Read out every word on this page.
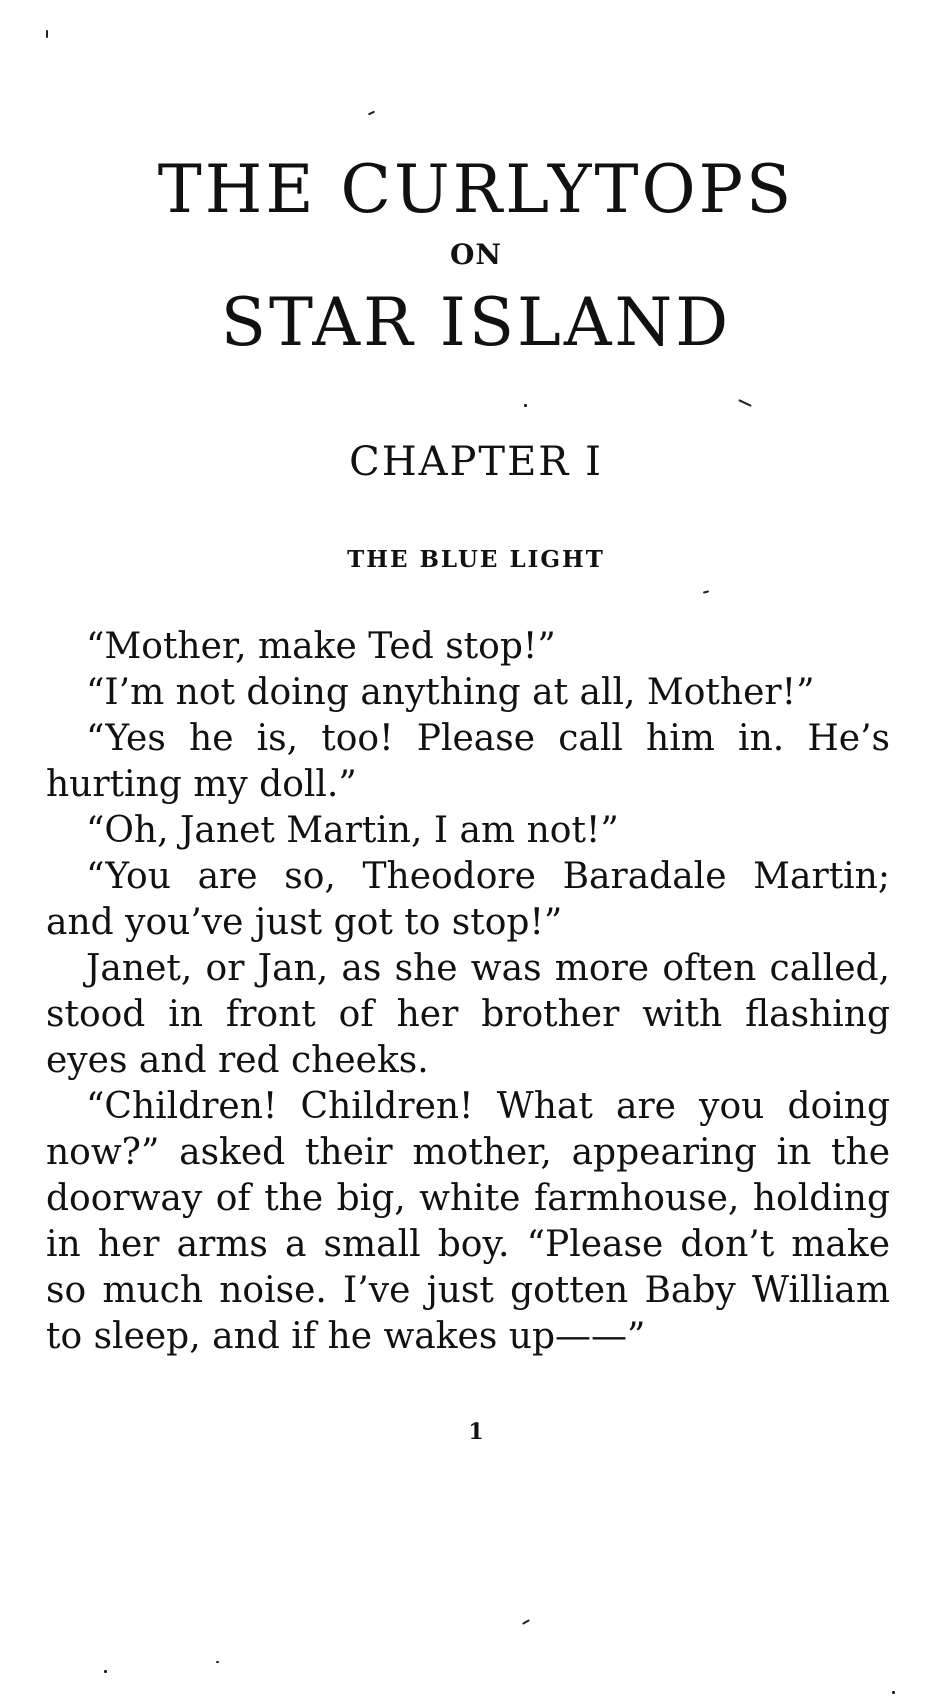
THE CURLYTOPS
ON
STAR ISLAND
CHAPTER I
THE BLUE LIGHT

“Mother, make Ted stop!”

“I’m not doing anything at all, Mother!”

“Yes he is, too! Please call him in. He’s hurting my doll.”

“Oh, Janet Martin, I am not!”

“You are so, Theodore Baradale Martin; and you’ve just got to stop!”

Janet, or Jan, as she was more often called, stood in front of her brother with flashing eyes and red cheeks.

“Children! Children! What are you doing now?” asked their mother, appearing in the doorway of the big, white farmhouse, holding in her arms a small boy. “Please don’t make so much noise. I’ve just gotten Baby William to sleep, and if he wakes up——”

1
